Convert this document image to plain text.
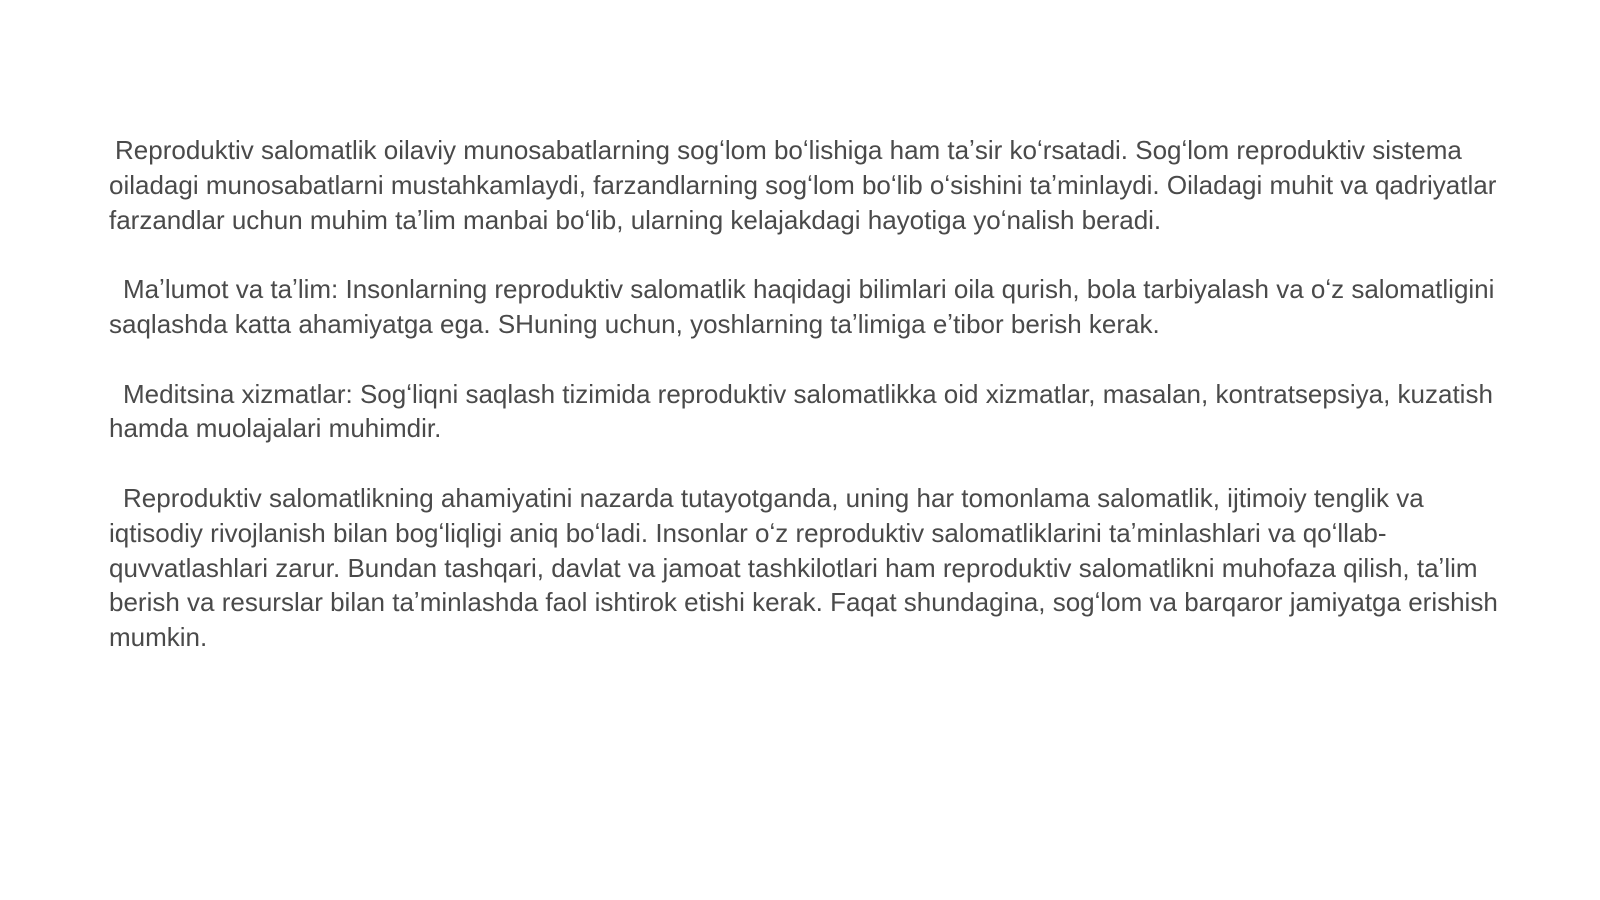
Reproduktiv salomatlik oilaviy munosabatlarning sogʻlom boʻlishiga ham taʼsir koʻrsatadi. Sogʻlom reproduktiv sistema oiladagi munosabatlarni mustahkamlaydi, farzandlarning sogʻlom boʻlib oʻsishini taʼminlaydi. Oiladagi muhit va qadriyatlar farzandlar uchun muhim taʼlim manbai boʻlib, ularning kelajakdagi hayotiga yoʻnalish beradi.

Maʼlumot va taʼlim: Insonlarning reproduktiv salomatlik haqidagi bilimlari oila qurish, bola tarbiyalash va oʻz salomatligini saqlashda katta ahamiyatga ega. SHuning uchun, yoshlarning taʼlimiga eʼtibor berish kerak.

Meditsina xizmatlar: Sogʻliqni saqlash tizimida reproduktiv salomatlikka oid xizmatlar, masalan, kontratsepsiya, kuzatish hamda muolajalari muhimdir.

Reproduktiv salomatlikning ahamiyatini nazarda tutayotganda, uning har tomonlama salomatlik, ijtimoiy tenglik va iqtisodiy rivojlanish bilan bogʻliqligi aniq boʻladi. Insonlar oʻz reproduktiv salomatliklarini taʼminlashlari va qoʻllab-quvvatlashlari zarur. Bundan tashqari, davlat va jamoat tashkilotlari ham reproduktiv salomatlikni muhofaza qilish, taʼlim berish va resurslar bilan taʼminlashda faol ishtirok etishi kerak. Faqat shundagina, sogʻlom va barqaror jamiyatga erishish mumkin.
